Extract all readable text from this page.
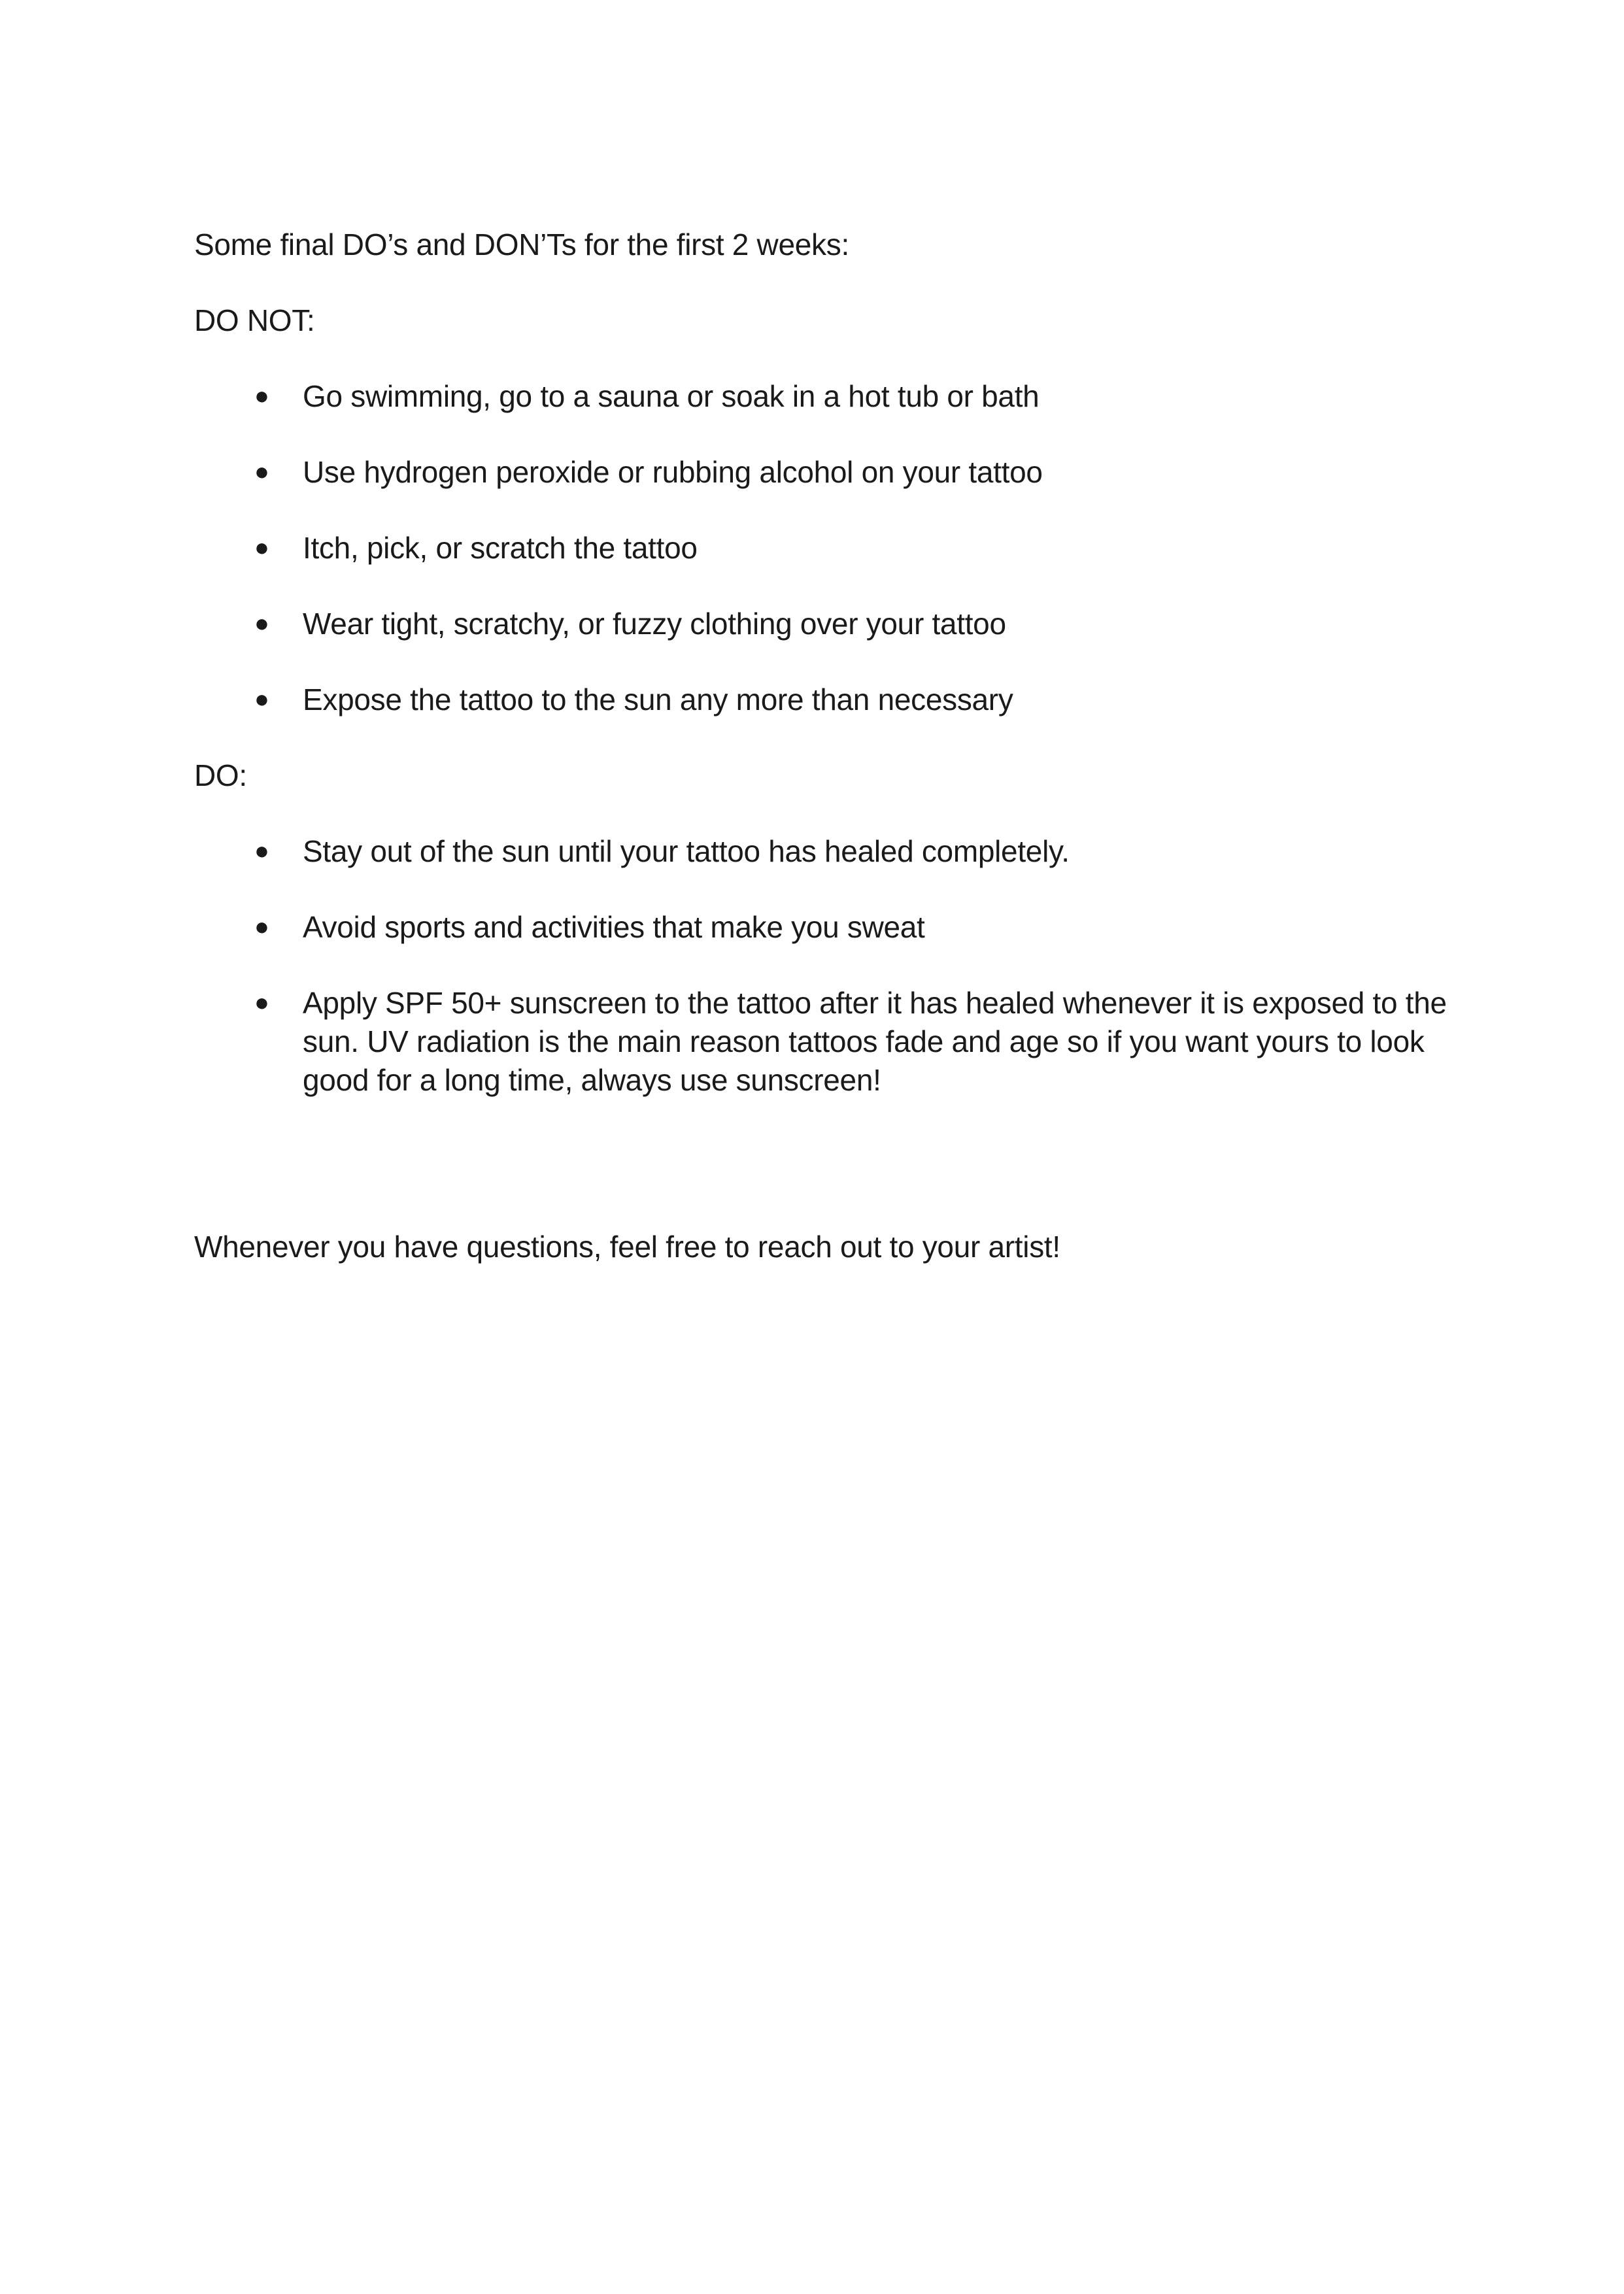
Some final DO’s and DON’Ts for the first 2 weeks:

DO NOT:

●	Go swimming, go to a sauna or soak in a hot tub or bath
●	Use hydrogen peroxide or rubbing alcohol on your tattoo
●	Itch, pick, or scratch the tattoo
●	Wear tight, scratchy, or fuzzy clothing over your tattoo
●	Expose the tattoo to the sun any more than necessary

DO:

●	Stay out of the sun until your tattoo has healed completely.
●	Avoid sports and activities that make you sweat
●	Apply SPF 50+ sunscreen to the tattoo after it has healed whenever it is exposed to the sun. UV radiation is the main reason tattoos fade and age so if you want yours to look good for a long time, always use sunscreen!

Whenever you have questions, feel free to reach out to your artist!
